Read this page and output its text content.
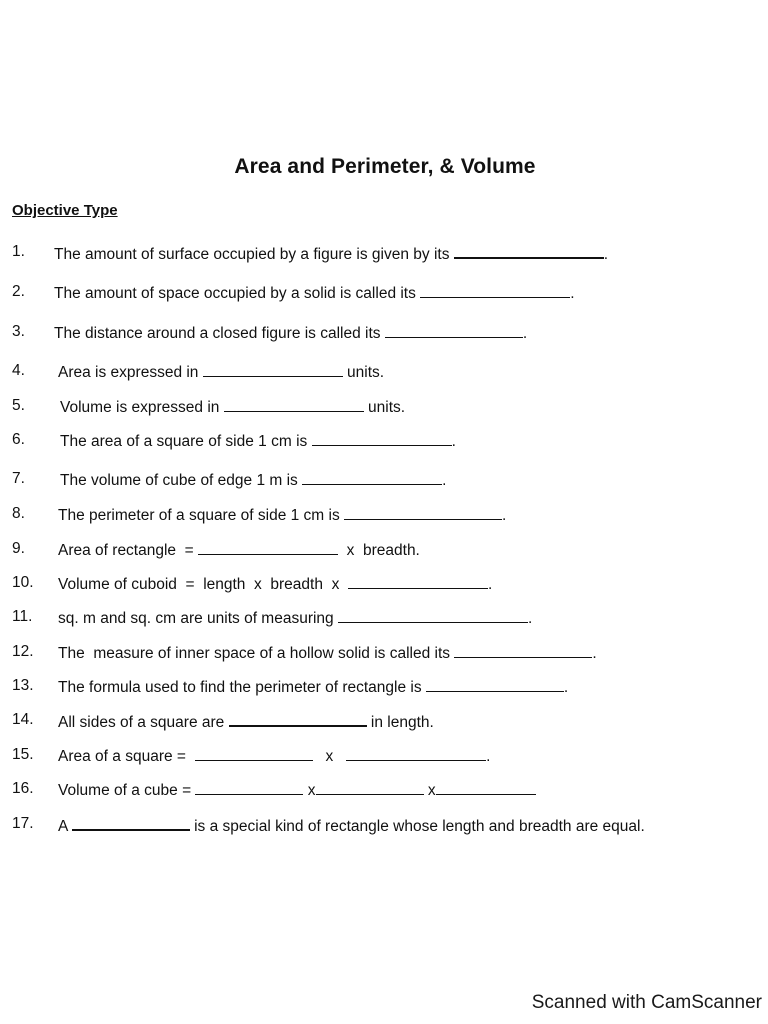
Area and Perimeter, & Volume
Objective Type
1. The amount of surface occupied by a figure is given by its	.
2. The amount of space occupied by a solid is called its	.
3. The distance around a closed figure is called its	.
4. Area is expressed in	units.
5. Volume is expressed in	units.
6. The area of a square of side 1 cm is	.
7. The volume of cube of edge 1 m is	.
8. The perimeter of a square of side 1 cm is	.
9. Area of rectangle  =	x  breadth.
10. Volume of cuboid  =  length  x  breadth  x	.
11. sq. m and sq. cm are units of measuring	.
12. The  measure of inner space of a hollow solid is called its	.
13. The formula used to find the perimeter of rectangle is	.
14. All sides of a square are	in length.
15. Area of a square =	x	.
16. Volume of a cube =	x	x
17. A	is a special kind of rectangle whose length and breadth are equal.
Scanned with CamScanner
